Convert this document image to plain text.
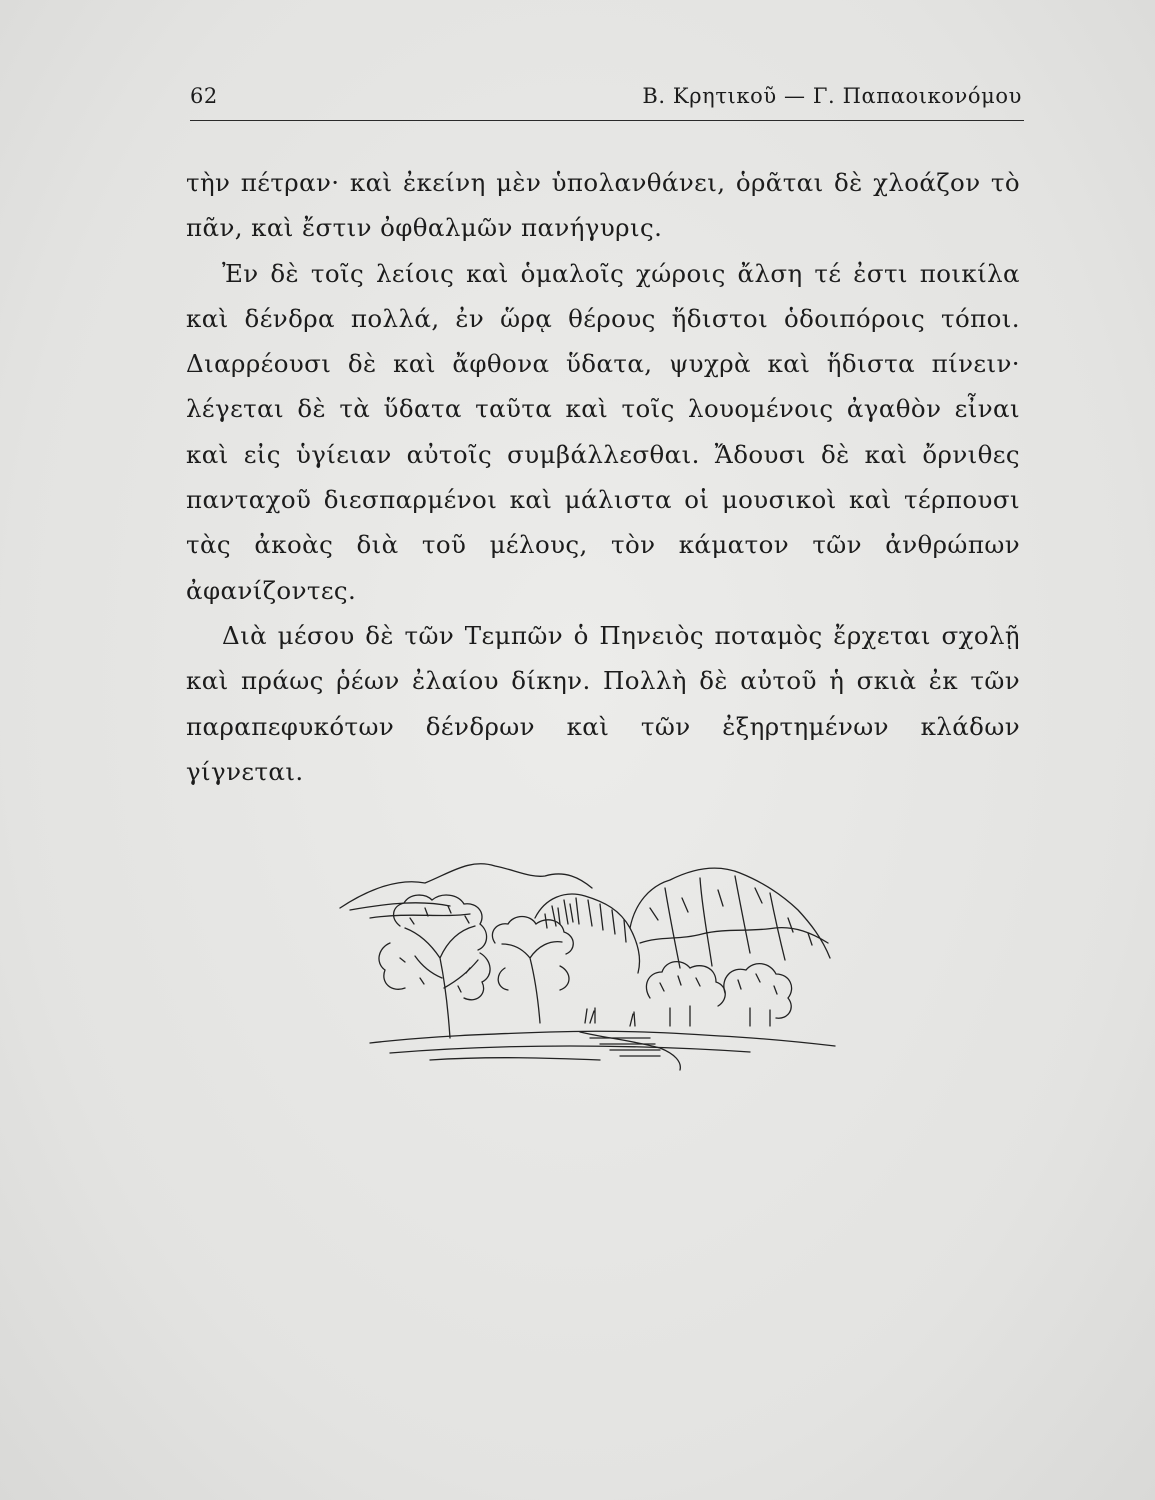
62	Β. Κρητικοῦ — Γ. Παπαοικονόμου

τὴν πέτραν· καὶ ἐκείνη μὲν ὑπολανθάνει, ὁρᾶται δὲ χλοάζον τὸ πᾶν, καὶ ἔστιν ὀφθαλμῶν πανήγυρις.

Ἐν δὲ τοῖς λείοις καὶ ὁμαλοῖς χώροις ἄλση τέ ἐστι ποικίλα καὶ δένδρα πολλά, ἐν ὥρᾳ θέρους ἥδιστοι ὁδοιπόροις τόποι. Διαρρέουσι δὲ καὶ ἄφθονα ὕδατα, ψυχρὰ καὶ ἥδιστα πίνειν· λέγεται δὲ τὰ ὕδατα ταῦτα καὶ τοῖς λουομένοις ἀγαθὸν εἶναι καὶ εἰς ὑγίειαν αὐτοῖς συμβάλλεσθαι. Ἄδουσι δὲ καὶ ὄρνιθες πανταχοῦ διεσπαρμένοι καὶ μάλιστα οἱ μουσικοὶ καὶ τέρπουσι τὰς ἀκοὰς διὰ τοῦ μέλους, τὸν κάματον τῶν ἀνθρώπων ἀφανίζοντες.

Διὰ μέσου δὲ τῶν Τεμπῶν ὁ Πηνειὸς ποταμὸς ἔρχεται σχολῇ καὶ πράως ῥέων ἐλαίου δίκην. Πολλὴ δὲ αὐτοῦ ἡ σκιὰ ἐκ τῶν παραπεφυκότων δένδρων καὶ τῶν ἐξηρτημένων κλάδων γίγνεται.
